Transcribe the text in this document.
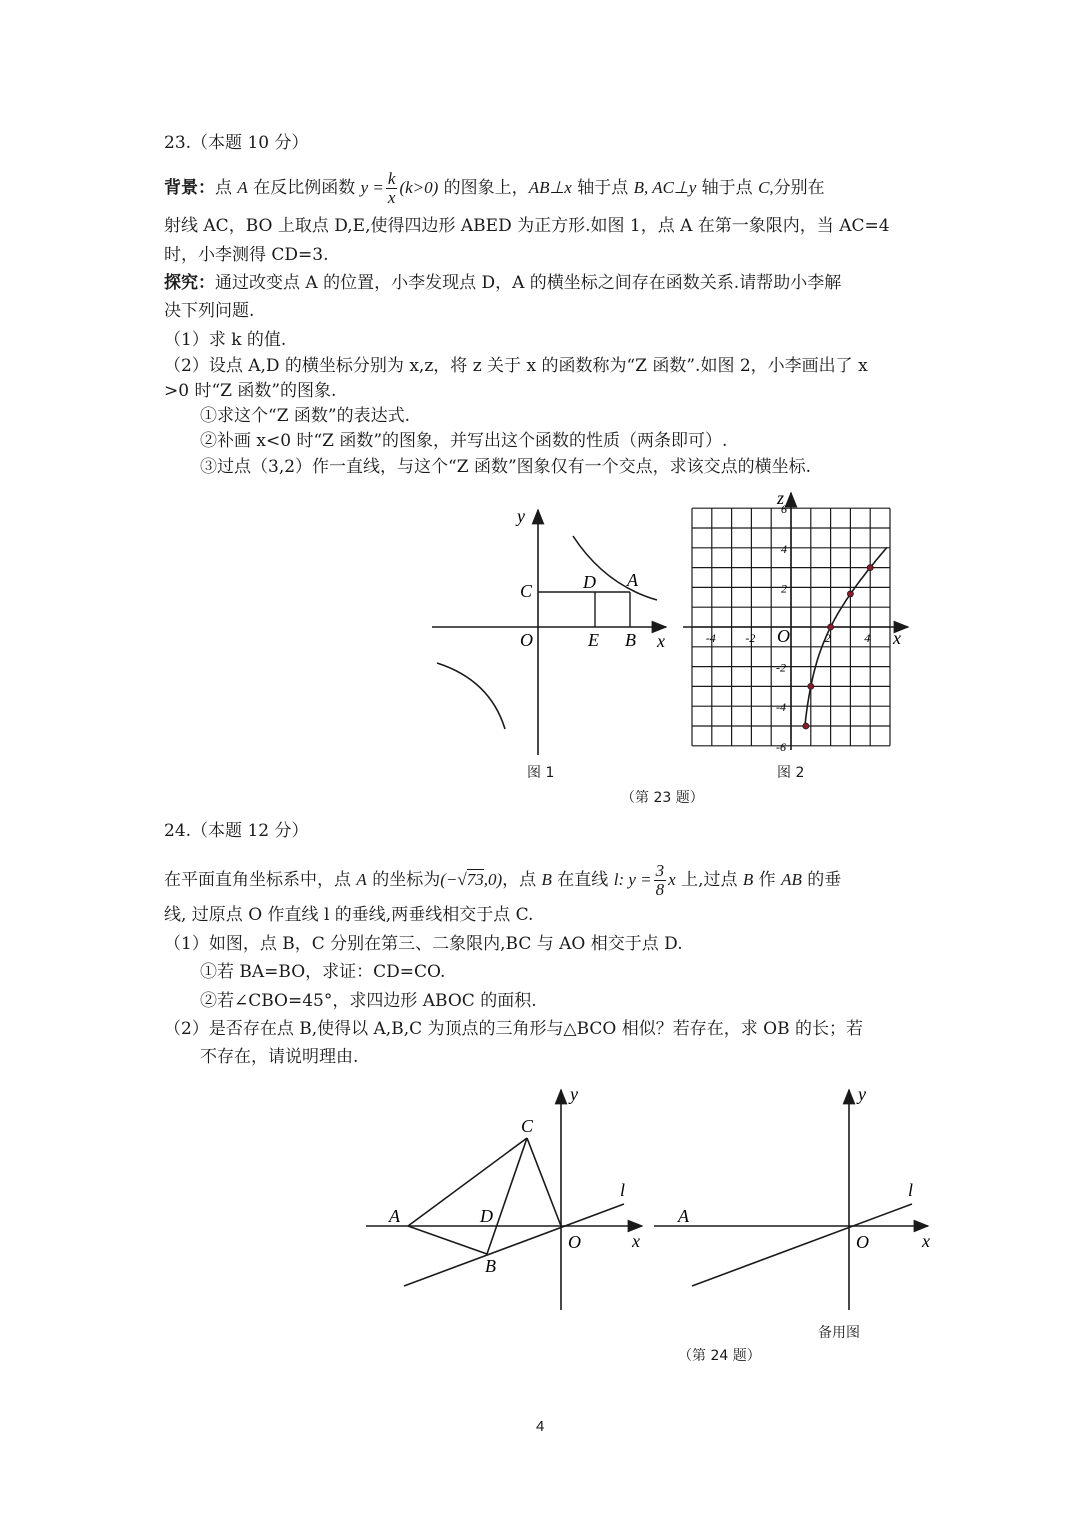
23.（本题 10 分）
背景：点 A 在反比例函数 $y = \frac{k}{x} (k>0)$ 的图象上，AB⊥x 轴于点 B, AC⊥y 轴于点 C,分别在
射线 AC，BO 上取点 D,E,使得四边形 ABED 为正方形.如图 1，点 A 在第一象限内，当 AC=4
时，小李测得 CD=3.
探究：通过改变点 A 的位置，小李发现点 D，A 的横坐标之间存在函数关系.请帮助小李解
决下列问题.
（1）求 k 的值.
（2）设点 A,D 的横坐标分别为 x,z，将 z 关于 x 的函数称为“Z 函数”.如图 2，小李画出了 x
>0 时“Z 函数”的图象.
①求这个“Z 函数”的表达式.
②补画 x<0 时“Z 函数”的图象，并写出这个函数的性质（两条即可）.
③过点（3,2）作一直线，与这个“Z 函数”图象仅有一个交点，求该交点的横坐标.
y
C	D A
O	E B x
图 1
-4 -2	2	4
6
4
2
-2
-4
-6
z
x
O
图 2
（第 23 题）
24.（本题 12 分）
在平面直角坐标系中，点 A 的坐标为(−√73,0)，点 B 在直线 l: $y = \frac{3}{8}$ x 上,过点 B 作 AB 的垂
线, 过原点 O 作直线 l 的垂线,两垂线相交于点 C.
（1）如图，点 B，C 分别在第三、二象限内,BC 与 AO 相交于点 D.
①若 BA=BO，求证：CD=CO.
②若∠CBO=45°，求四边形 ABOC 的面积.
（2）是否存在点 B,使得以 A,B,C 为顶点的三角形与△BCO 相似？若存在，求 OB 的长；若
不存在，请说明理由.
y
C
l
A	D
O	x
B
y
l
A
O	x
备用图
（第 24 题）
4
